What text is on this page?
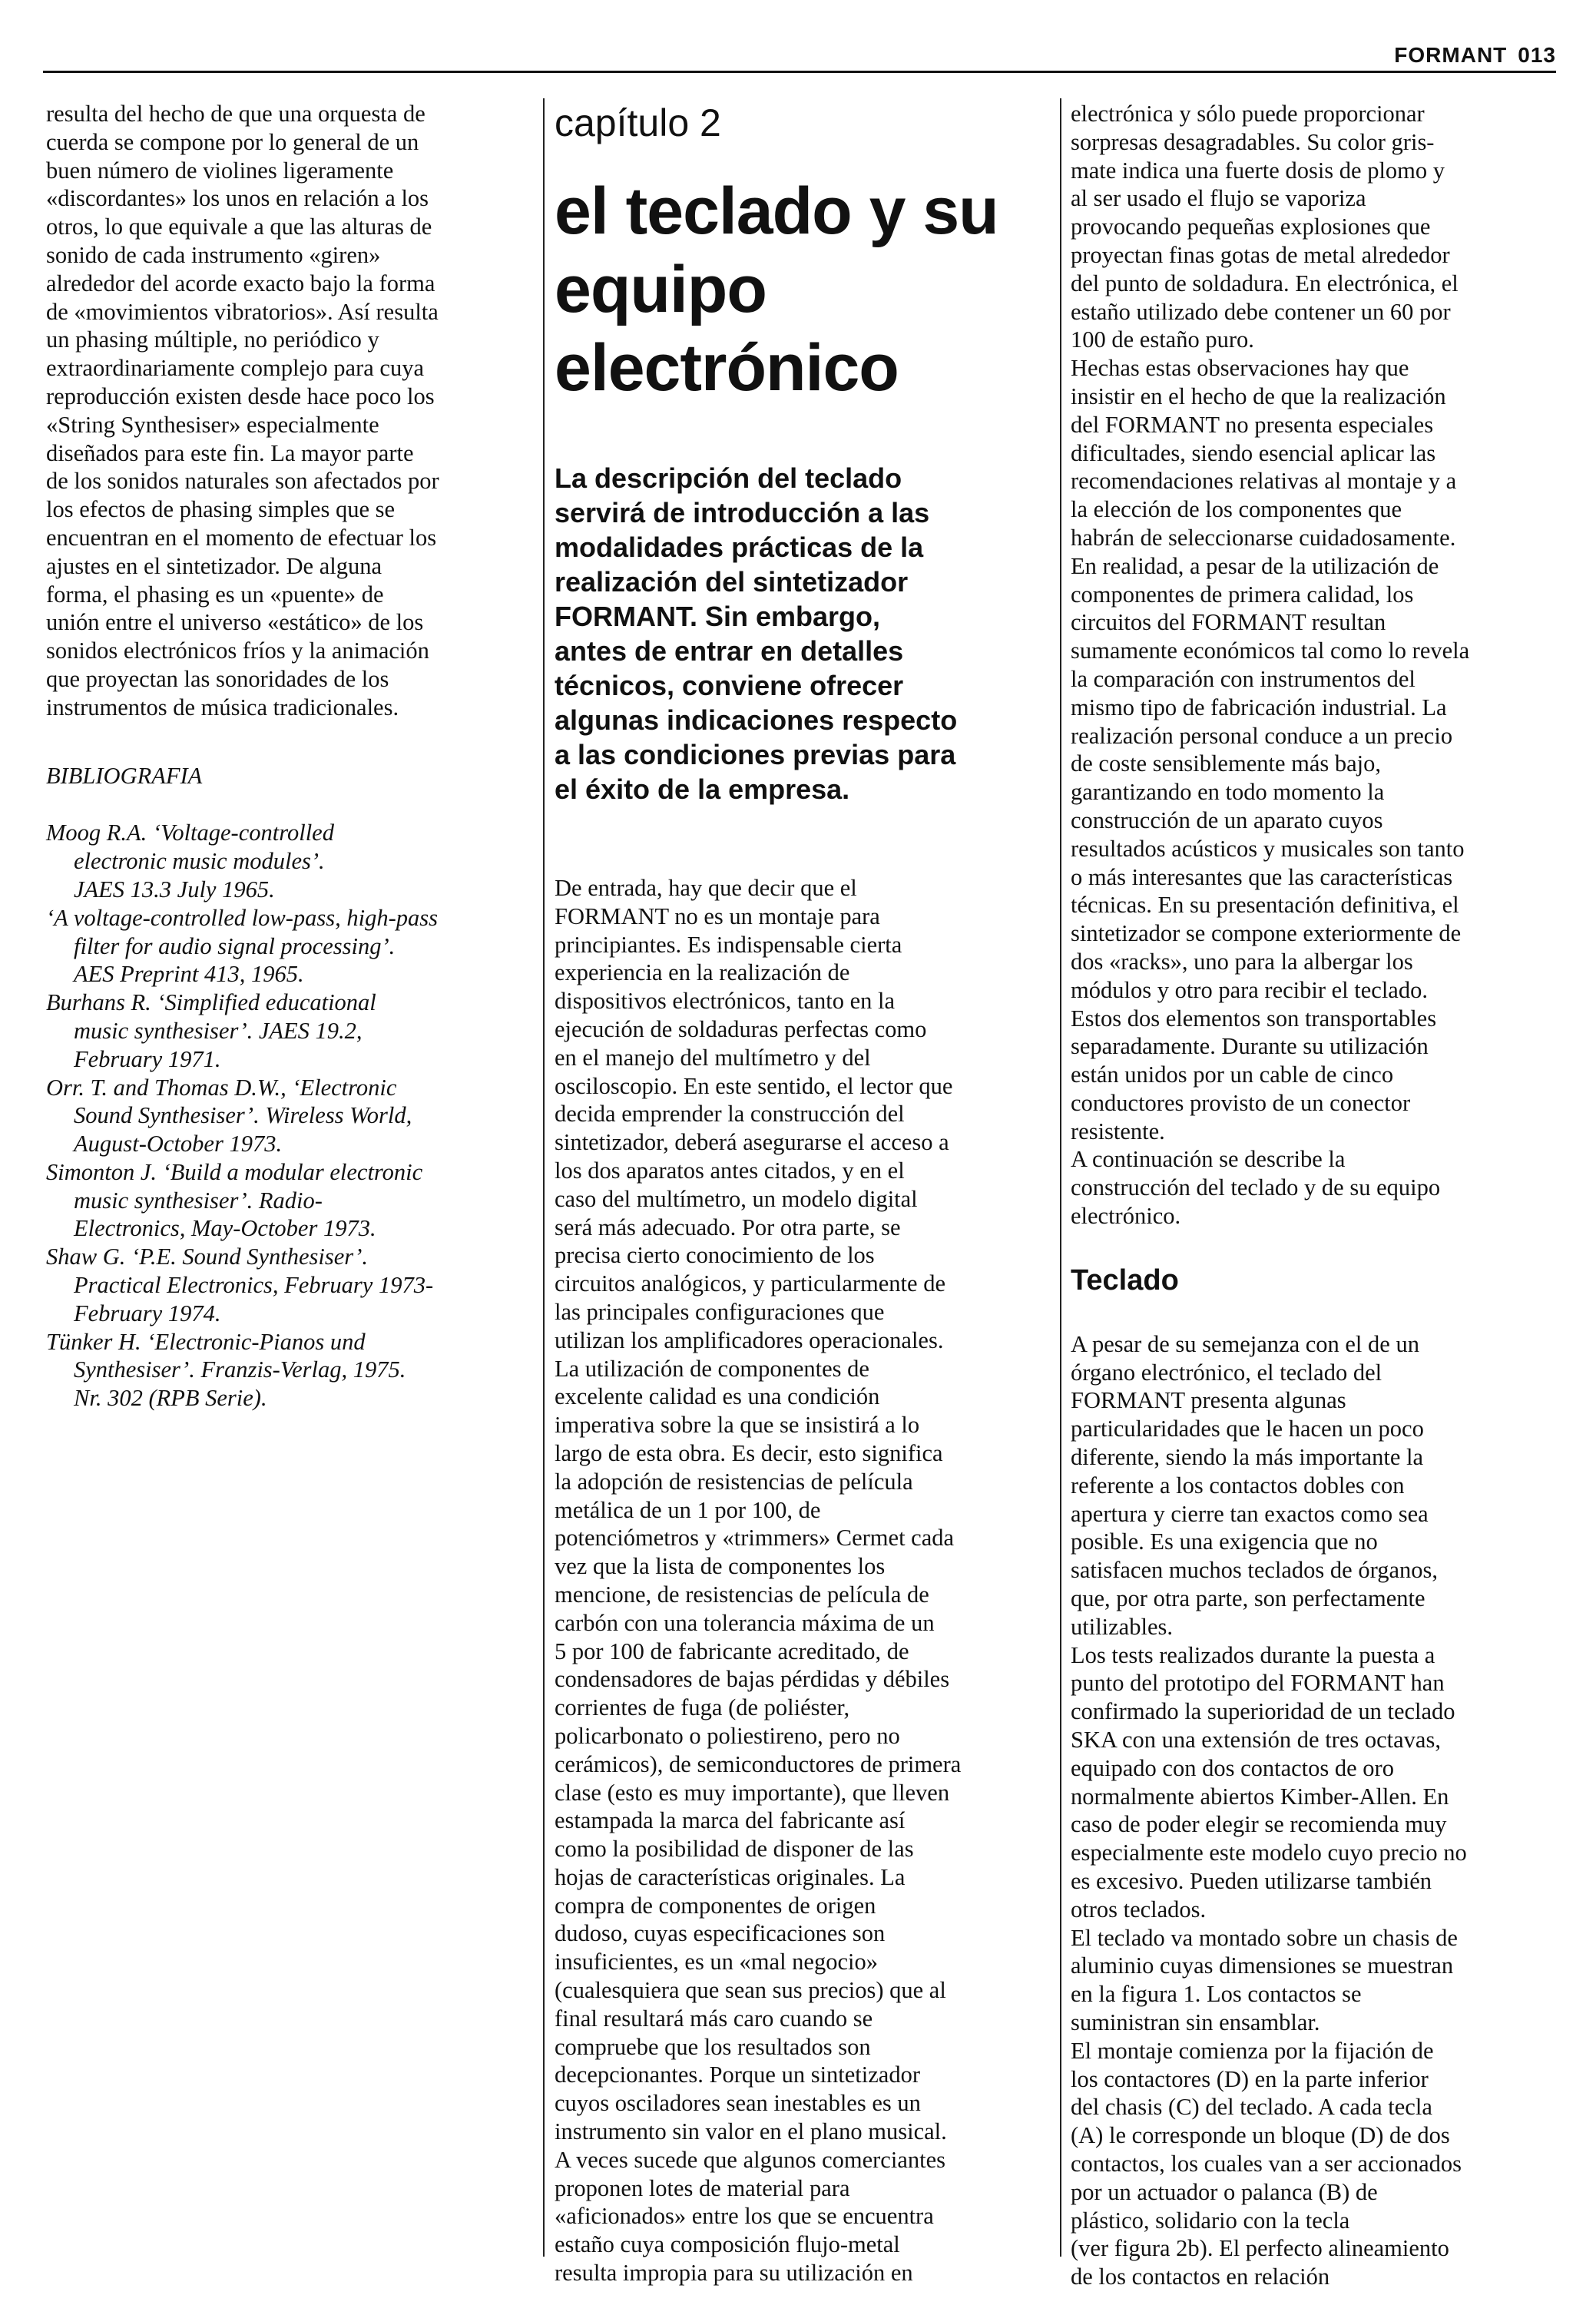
FORMANT 013

resulta del hecho de que una orquesta de

cuerda se compone por lo general de un

buen número de violines ligeramente

«discordantes» los unos en relación a los

otros, lo que equivale a que las alturas de

sonido de cada instrumento «giren»

alrededor del acorde exacto bajo la forma

de «movimientos vibratorios». Así resulta

un phasing múltiple, no periódico y

extraordinariamente complejo para cuya

reproducción existen desde hace poco los

«String Synthesiser» especialmente

diseñados para este fin. La mayor parte

de los sonidos naturales son afectados por

los efectos de phasing simples que se

encuentran en el momento de efectuar los

ajustes en el sintetizador. De alguna

forma, el phasing es un «puente» de

unión entre el universo «estático» de los

sonidos electrónicos fríos y la animación

que proyectan las sonoridades de los

instrumentos de música tradicionales.

BIBLIOGRAFIA

Moog R.A. ‘Voltage-controlled

electronic music modules’.

JAES 13.3 July 1965.

‘A voltage-controlled low-pass, high-pass

filter for audio signal processing’.

AES Preprint 413, 1965.

Burhans R. ‘Simplified educational

music synthesiser’. JAES 19.2,

February 1971.

Orr. T. and Thomas D.W., ‘Electronic

Sound Synthesiser’. Wireless World,

August-October 1973.

Simonton J. ‘Build a modular electronic

music synthesiser’. Radio-

Electronics, May-October 1973.

Shaw G. ‘P.E. Sound Synthesiser’.

Practical Electronics, February 1973-

February 1974.

Tünker H. ‘Electronic-Pianos und

Synthesiser’. Franzis-Verlag, 1975.

Nr. 302 (RPB Serie).

capítulo 2

el teclado y su

equipo

electrónico

La descripción del teclado

servirá de introducción a las

modalidades prácticas de la

realización del sintetizador

FORMANT. Sin embargo,

antes de entrar en detalles

técnicos, conviene ofrecer

algunas indicaciones respecto

a las condiciones previas para

el éxito de la empresa.

De entrada, hay que decir que el

FORMANT no es un montaje para

principiantes. Es indispensable cierta

experiencia en la realización de

dispositivos electrónicos, tanto en la

ejecución de soldaduras perfectas como

en el manejo del multímetro y del

osciloscopio. En este sentido, el lector que

decida emprender la construcción del

sintetizador, deberá asegurarse el acceso a

los dos aparatos antes citados, y en el

caso del multímetro, un modelo digital

será más adecuado. Por otra parte, se

precisa cierto conocimiento de los

circuitos analógicos, y particularmente de

las principales configuraciones que

utilizan los amplificadores operacionales.

La utilización de componentes de

excelente calidad es una condición

imperativa sobre la que se insistirá a lo

largo de esta obra. Es decir, esto significa

la adopción de resistencias de película

metálica de un 1 por 100, de

potenciómetros y «trimmers» Cermet cada

vez que la lista de componentes los

mencione, de resistencias de película de

carbón con una tolerancia máxima de un

5 por 100 de fabricante acreditado, de

condensadores de bajas pérdidas y débiles

corrientes de fuga (de poliéster,

policarbonato o poliestireno, pero no

cerámicos), de semiconductores de primera

clase (esto es muy importante), que lleven

estampada la marca del fabricante así

como la posibilidad de disponer de las

hojas de características originales. La

compra de componentes de origen

dudoso, cuyas especificaciones son

insuficientes, es un «mal negocio»

(cualesquiera que sean sus precios) que al

final resultará más caro cuando se

compruebe que los resultados son

decepcionantes. Porque un sintetizador

cuyos osciladores sean inestables es un

instrumento sin valor en el plano musical.

A veces sucede que algunos comerciantes

proponen lotes de material para

«aficionados» entre los que se encuentra

estaño cuya composición flujo-metal

resulta impropia para su utilización en

electrónica y sólo puede proporcionar

sorpresas desagradables. Su color gris-

mate indica una fuerte dosis de plomo y

al ser usado el flujo se vaporiza

provocando pequeñas explosiones que

proyectan finas gotas de metal alrededor

del punto de soldadura. En electrónica, el

estaño utilizado debe contener un 60 por

100 de estaño puro.

Hechas estas observaciones hay que

insistir en el hecho de que la realización

del FORMANT no presenta especiales

dificultades, siendo esencial aplicar las

recomendaciones relativas al montaje y a

la elección de los componentes que

habrán de seleccionarse cuidadosamente.

En realidad, a pesar de la utilización de

componentes de primera calidad, los

circuitos del FORMANT resultan

sumamente económicos tal como lo revela

la comparación con instrumentos del

mismo tipo de fabricación industrial. La

realización personal conduce a un precio

de coste sensiblemente más bajo,

garantizando en todo momento la

construcción de un aparato cuyos

resultados acústicos y musicales son tanto

o más interesantes que las características

técnicas. En su presentación definitiva, el

sintetizador se compone exteriormente de

dos «racks», uno para la albergar los

módulos y otro para recibir el teclado.

Estos dos elementos son transportables

separadamente. Durante su utilización

están unidos por un cable de cinco

conductores provisto de un conector

resistente.

A continuación se describe la

construcción del teclado y de su equipo

electrónico.

Teclado

A pesar de su semejanza con el de un

órgano electrónico, el teclado del

FORMANT presenta algunas

particularidades que le hacen un poco

diferente, siendo la más importante la

referente a los contactos dobles con

apertura y cierre tan exactos como sea

posible. Es una exigencia que no

satisfacen muchos teclados de órganos,

que, por otra parte, son perfectamente

utilizables.

Los tests realizados durante la puesta a

punto del prototipo del FORMANT han

confirmado la superioridad de un teclado

SKA con una extensión de tres octavas,

equipado con dos contactos de oro

normalmente abiertos Kimber-Allen. En

caso de poder elegir se recomienda muy

especialmente este modelo cuyo precio no

es excesivo. Pueden utilizarse también

otros teclados.

El teclado va montado sobre un chasis de

aluminio cuyas dimensiones se muestran

en la figura 1. Los contactos se

suministran sin ensamblar.

El montaje comienza por la fijación de

los contactores (D) en la parte inferior

del chasis (C) del teclado. A cada tecla

(A) le corresponde un bloque (D) de dos

contactos, los cuales van a ser accionados

por un actuador o palanca (B) de

plástico, solidario con la tecla

(ver figura 2b). El perfecto alineamiento

de los contactos en relación
